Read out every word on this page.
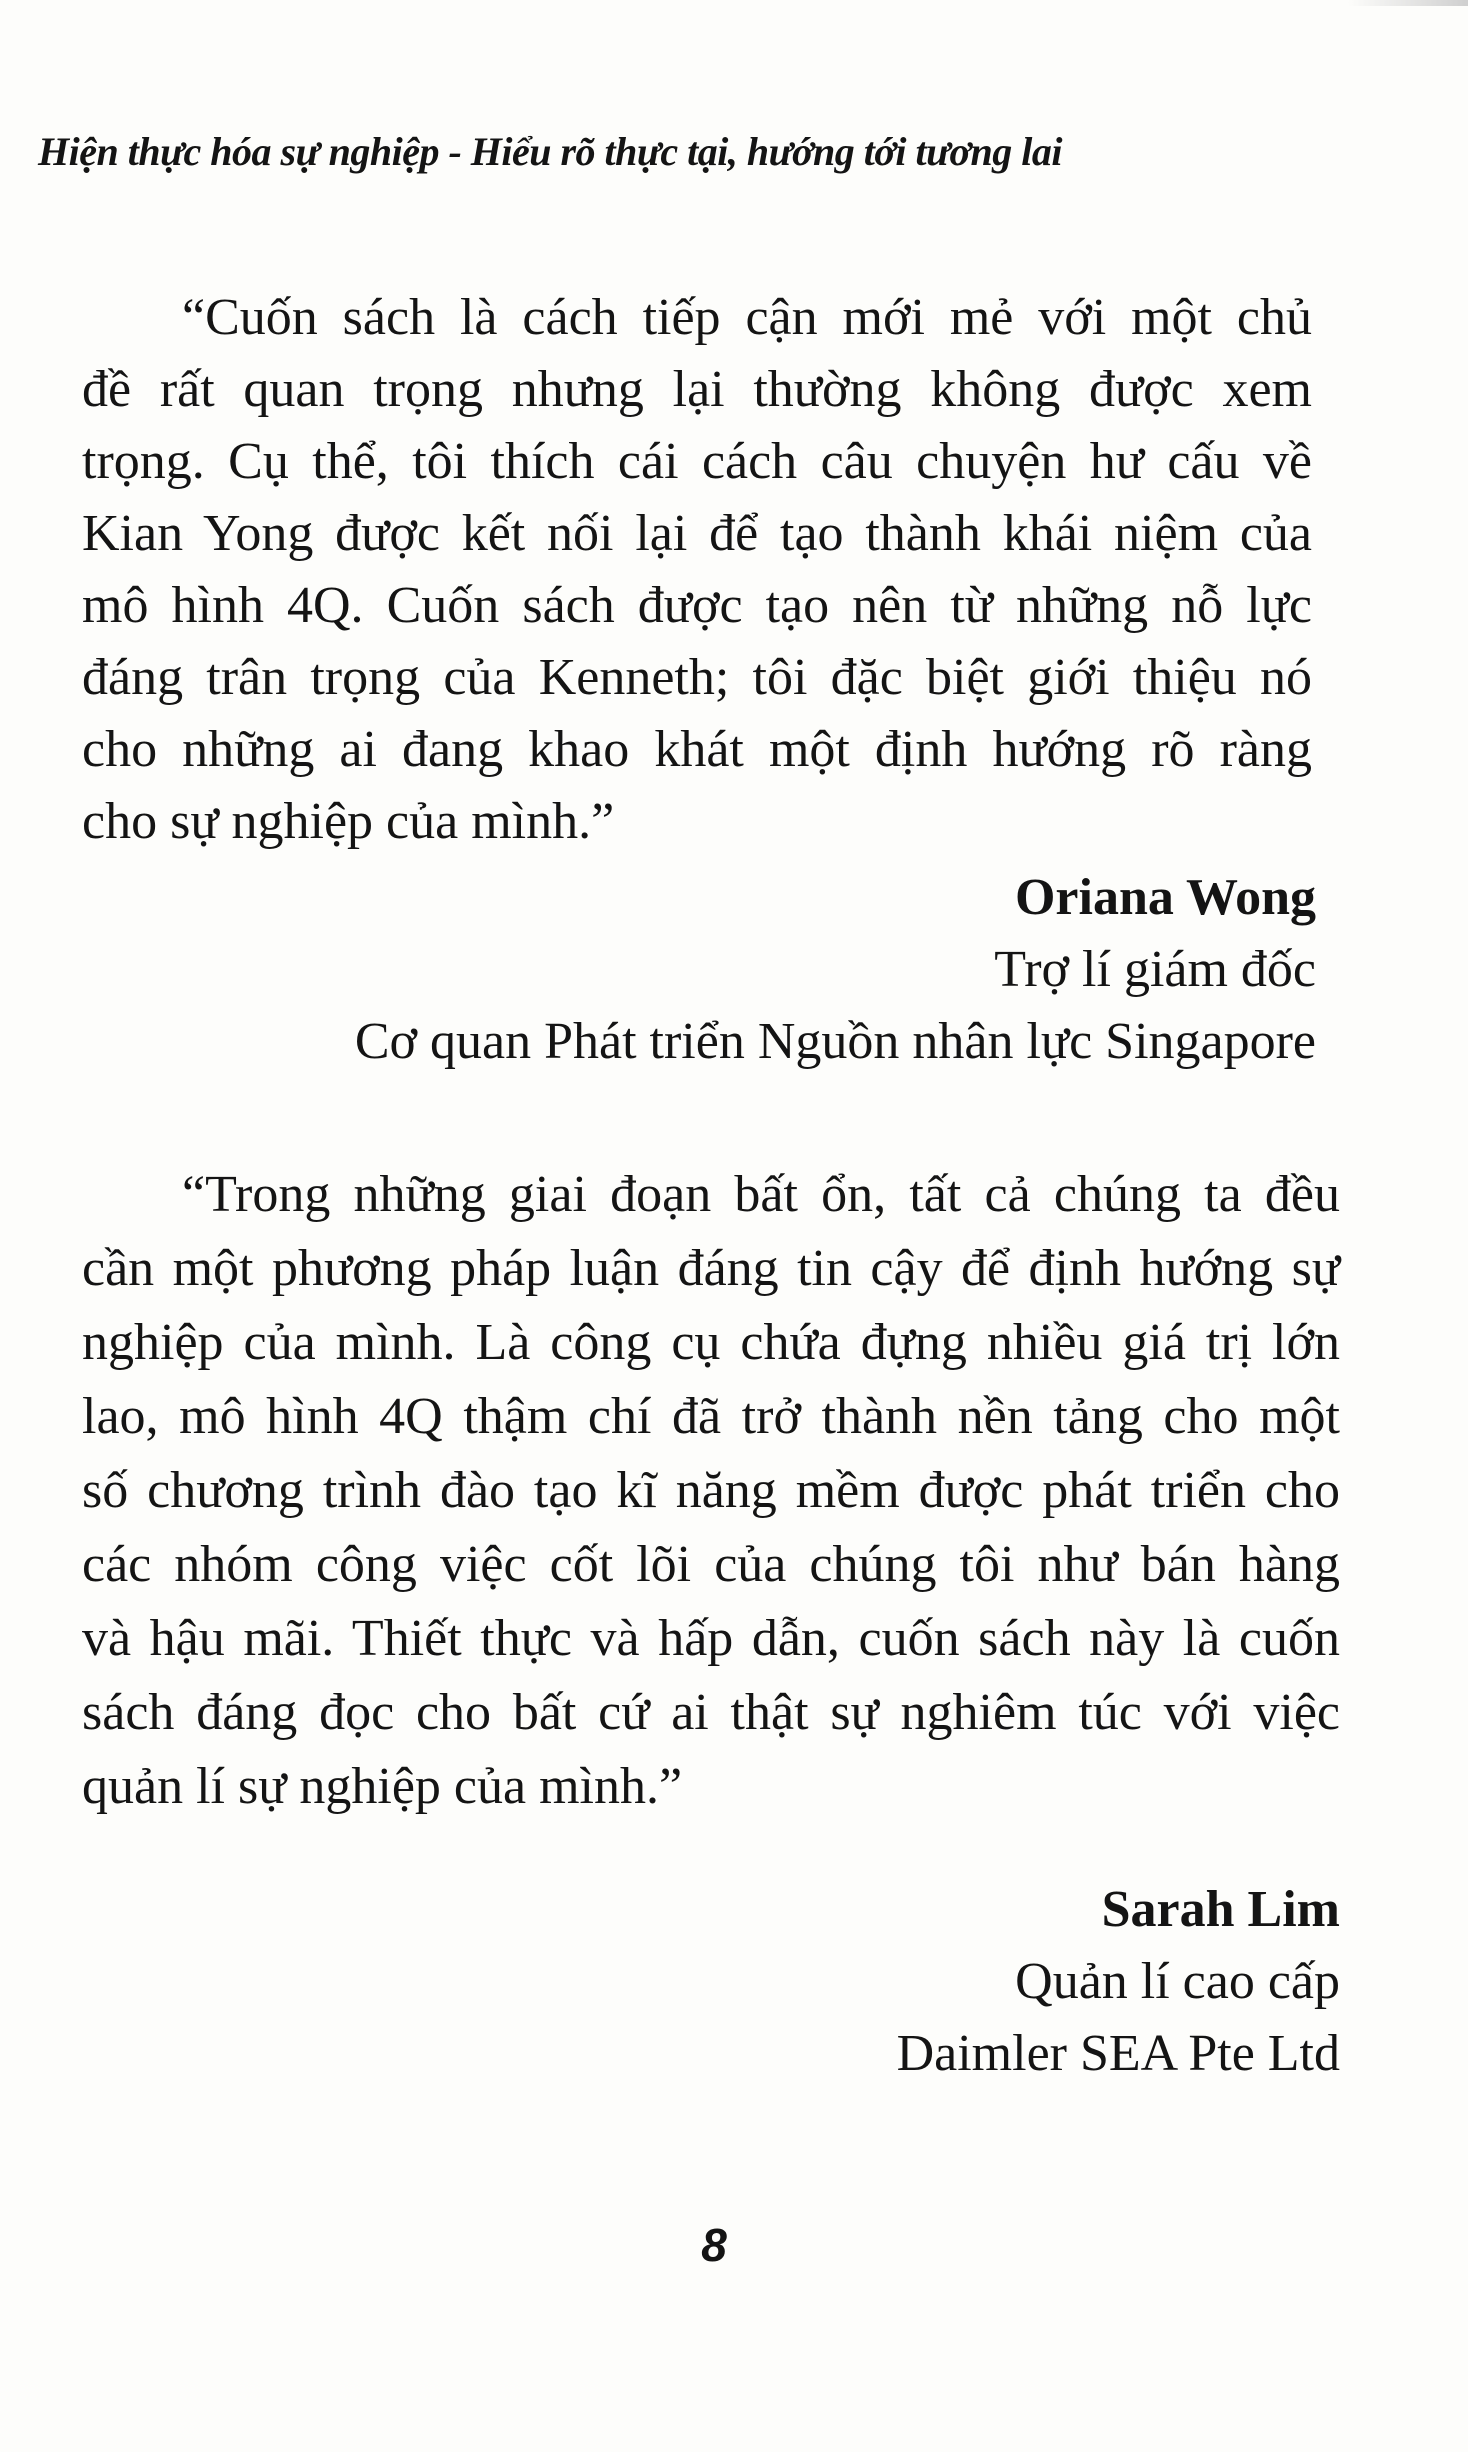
Hiện thực hóa sự nghiệp - Hiểu rõ thực tại, hướng tới tương lai

“Cuốn sách là cách tiếp cận mới mẻ với một chủ
đề rất quan trọng nhưng lại thường không được xem
trọng. Cụ thể, tôi thích cái cách câu chuyện hư cấu về
Kian Yong được kết nối lại để tạo thành khái niệm của
mô hình 4Q. Cuốn sách được tạo nên từ những nỗ lực
đáng trân trọng của Kenneth; tôi đặc biệt giới thiệu nó
cho những ai đang khao khát một định hướng rõ ràng
cho sự nghiệp của mình.”

Oriana Wong
Trợ lí giám đốc
Cơ quan Phát triển Nguồn nhân lực Singapore

“Trong những giai đoạn bất ổn, tất cả chúng ta đều
cần một phương pháp luận đáng tin cậy để định hướng sự
nghiệp của mình. Là công cụ chứa đựng nhiều giá trị lớn
lao, mô hình 4Q thậm chí đã trở thành nền tảng cho một
số chương trình đào tạo kĩ năng mềm được phát triển cho
các nhóm công việc cốt lõi của chúng tôi như bán hàng
và hậu mãi. Thiết thực và hấp dẫn, cuốn sách này là cuốn
sách đáng đọc cho bất cứ ai thật sự nghiêm túc với việc
quản lí sự nghiệp của mình.”

Sarah Lim
Quản lí cao cấp
Daimler SEA Pte Ltd
8
